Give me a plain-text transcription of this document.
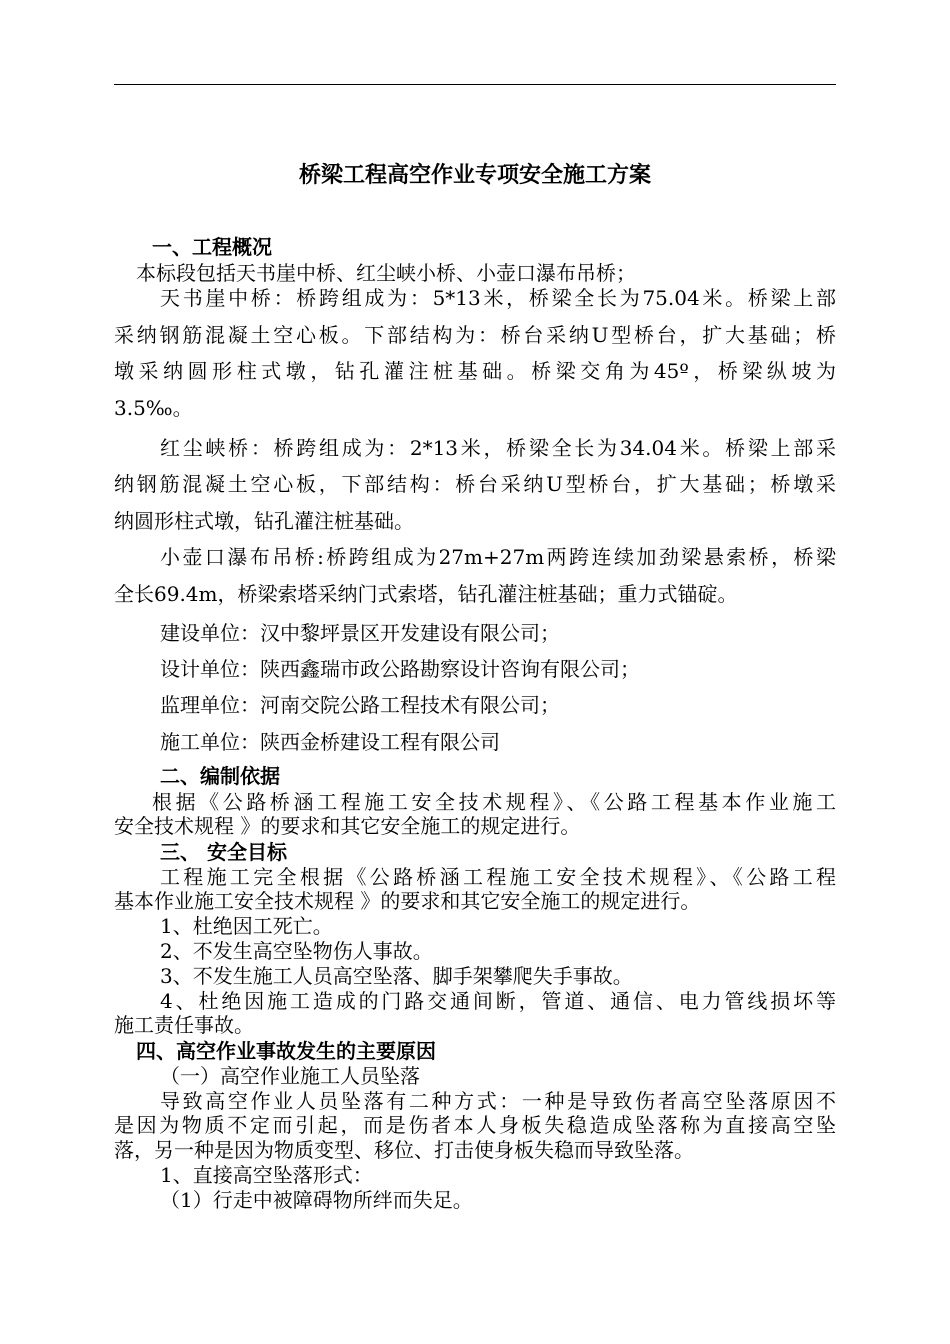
桥梁工程高空作业专项安全施工方案
一、工程概况
本标段包括天书崖中桥、红尘峡小桥、小壶口瀑布吊桥；
天书崖中桥：桥跨组成为：5*13米，桥梁全长为75.04米。桥梁上部
采纳钢筋混凝土空心板。下部结构为：桥台采纳U型桥台，扩大基础；桥
墩采纳圆形柱式墩，钻孔灌注桩基础。桥梁交角为45º，桥梁纵坡为
3.5‰。
红尘峡桥：桥跨组成为：2*13米，桥梁全长为34.04米。桥梁上部采
纳钢筋混凝土空心板，下部结构：桥台采纳U型桥台，扩大基础；桥墩采
纳圆形柱式墩，钻孔灌注桩基础。
小壶口瀑布吊桥:桥跨组成为27m+27m两跨连续加劲梁悬索桥，桥梁
全长69.4m，桥梁索塔采纳门式索塔，钻孔灌注桩基础；重力式锚碇。
建设单位：汉中黎坪景区开发建设有限公司；
设计单位：陕西鑫瑞市政公路勘察设计咨询有限公司；
监理单位：河南交院公路工程技术有限公司；
施工单位：陕西金桥建设工程有限公司
二、编制依据
根据《公路桥涵工程施工安全技术规程》、《公路工程基本作业施工
安全技术规程 》的要求和其它安全施工的规定进行。
三、 安全目标
工程施工完全根据《公路桥涵工程施工安全技术规程》、《公路工程
基本作业施工安全技术规程 》的要求和其它安全施工的规定进行。
1、杜绝因工死亡。
2、不发生高空坠物伤人事故。
3、不发生施工人员高空坠落、脚手架攀爬失手事故。
4、杜绝因施工造成的门路交通间断，管道、通信、电力管线损坏等
施工责任事故。
四、高空作业事故发生的主要原因
（一）高空作业施工人员坠落
导致高空作业人员坠落有二种方式：一种是导致伤者高空坠落原因不
是因为物质不定而引起，而是伤者本人身板失稳造成坠落称为直接高空坠
落，另一种是因为物质变型、移位、打击使身板失稳而导致坠落。
1、直接高空坠落形式：
（1）行走中被障碍物所绊而失足。
